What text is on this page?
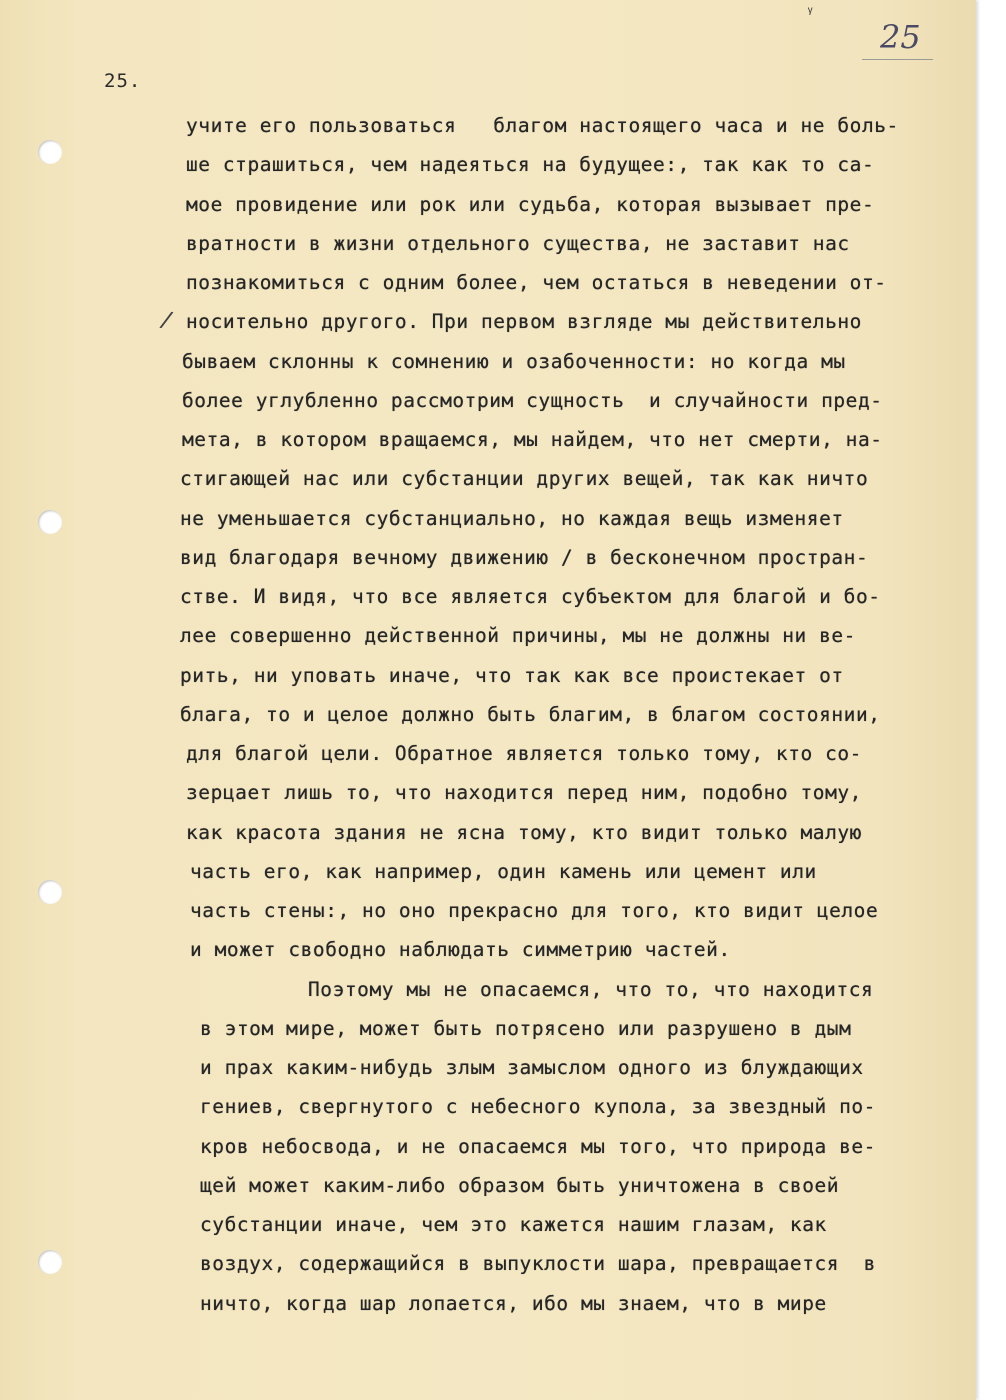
ᵧ
25
25.
/
учите его пользоваться   благом настоящего часа и не боль-
ше страшиться, чем надеяться на будущее:, так как то са-
мое провидение или рок или судьба, которая вызывает пре-
вратности в жизни отдельного существа, не заставит нас
познакомиться с одним более, чем остаться в неведении от-
носительно другого. При первом взгляде мы действительно
бываем склонны к сомнению и озабоченности: но когда мы
более углубленно рассмотрим сущность  и случайности пред-
мета, в котором вращаемся, мы найдем, что нет смерти, на-
стигающей нас или субстанции других вещей, так как ничто
не уменьшается субстанциально, но каждая вещь изменяет
вид благодаря вечному движению / в бесконечном простран-
стве. И видя, что все является субъектом для благой и бо-
лее совершенно действенной причины, мы не должны ни ве-
рить, ни уповать иначе, что так как все проистекает от
блага, то и целое должно быть благим, в благом состоянии,
для благой цели. Обратное является только тому, кто со-
зерцает лишь то, что находится перед ним, подобно тому,
как красота здания не ясна тому, кто видит только малую
часть его, как например, один камень или цемент или
часть стены:, но оно прекрасно для того, кто видит целое
и может свободно наблюдать симметрию частей.
Поэтому мы не опасаемся, что то, что находится
в этом мире, может быть потрясено или разрушено в дым
и прах каким-нибудь злым замыслом одного из блуждающих
гениев, свергнутого с небесного купола, за звездный по-
кров небосвода, и не опасаемся мы того, что природа ве-
щей может каким-либо образом быть уничтожена в своей
субстанции иначе, чем это кажется нашим глазам, как
воздух, содержащийся в выпуклости шара, превращается  в
ничто, когда шар лопается, ибо мы знаем, что в мире
